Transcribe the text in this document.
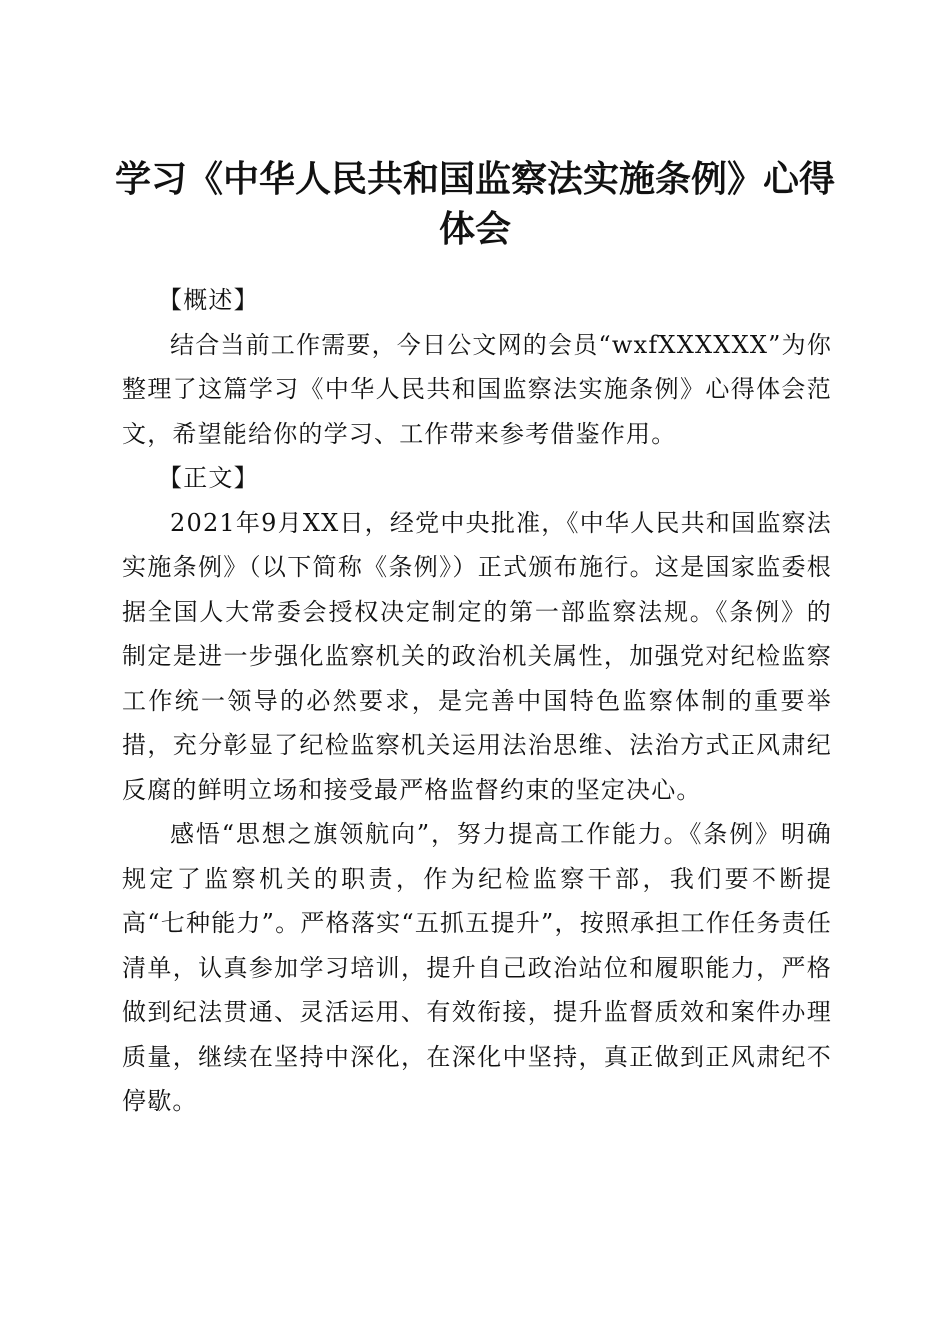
学习《中华人民共和国监察法实施条例》心得体会

【概述】

结合当前工作需要，今日公文网的会员“wxfXXXXXX”为你整理了这篇学习《中华人民共和国监察法实施条例》心得体会范文，希望能给你的学习、工作带来参考借鉴作用。

【正文】

2021年9月XX日，经党中央批准，《中华人民共和国监察法实施条例》（以下简称《条例》）正式颁布施行。这是国家监委根据全国人大常委会授权决定制定的第一部监察法规。《条例》的制定是进一步强化监察机关的政治机关属性，加强党对纪检监察工作统一领导的必然要求，是完善中国特色监察体制的重要举措，充分彰显了纪检监察机关运用法治思维、法治方式正风肃纪反腐的鲜明立场和接受最严格监督约束的坚定决心。

感悟“思想之旗领航向”，努力提高工作能力。《条例》明确规定了监察机关的职责，作为纪检监察干部，我们要不断提高“七种能力”。严格落实“五抓五提升”，按照承担工作任务责任清单，认真参加学习培训，提升自己政治站位和履职能力，严格做到纪法贯通、灵活运用、有效衔接，提升监督质效和案件办理质量，继续在坚持中深化，在深化中坚持，真正做到正风肃纪不停歇。
